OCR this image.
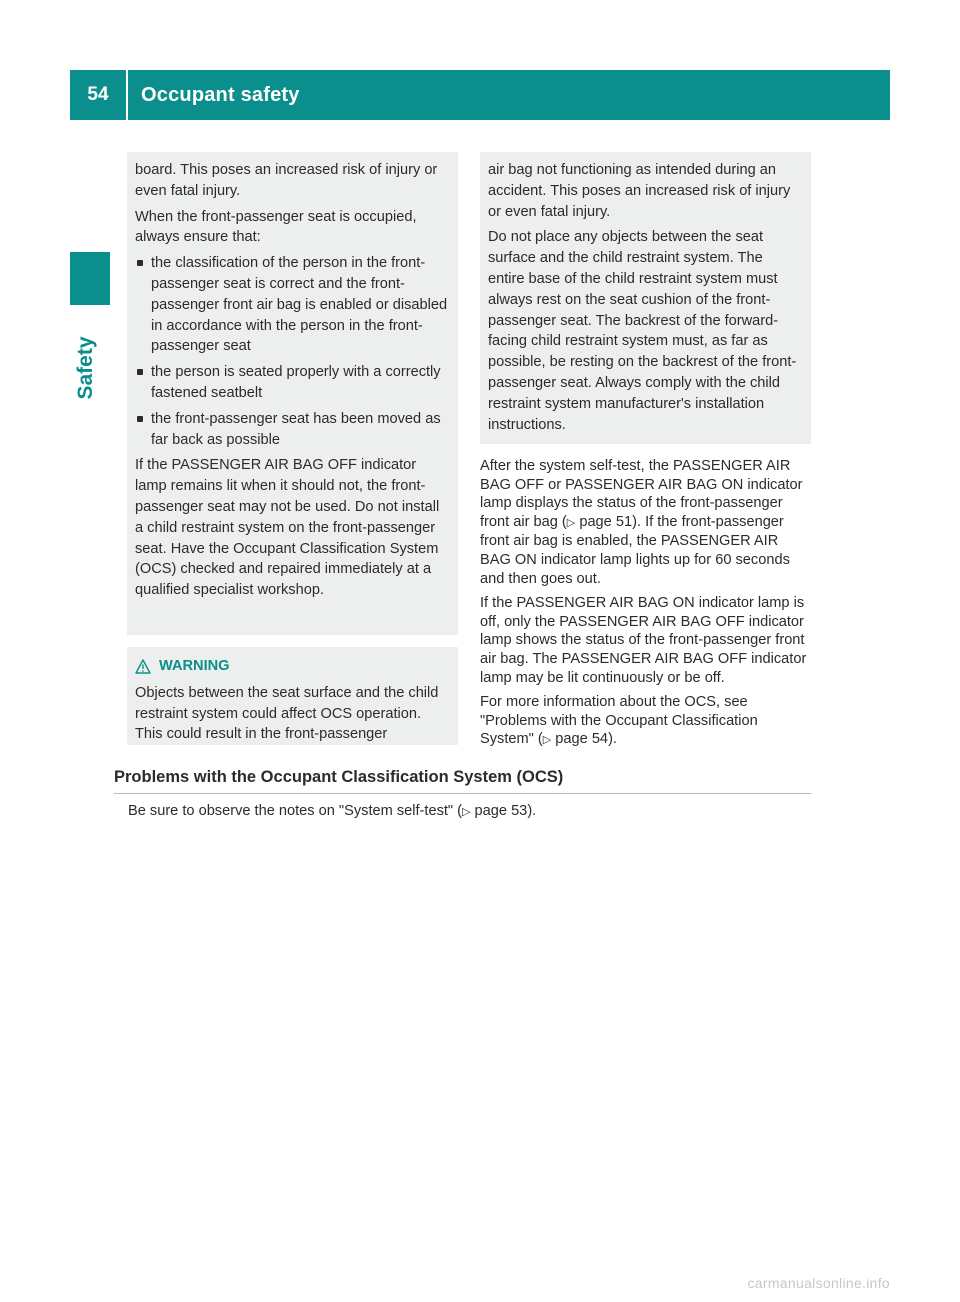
54	Occupant safety
Safety

board. This poses an increased risk of injury or even fatal injury.

When the front-passenger seat is occupied, always ensure that:

the classification of the person in the front-passenger seat is correct and the front-passenger front air bag is enabled or disabled in accordance with the person in the front-passenger seat
the person is seated properly with a correctly fastened seatbelt
the front-passenger seat has been moved as far back as possible

If the PASSENGER AIR BAG OFF indicator lamp remains lit when it should not, the front-passenger seat may not be used. Do not install a child restraint system on the front-passenger seat. Have the Occupant Classification System (OCS) checked and repaired immediately at a qualified specialist workshop.

WARNING

Objects between the seat surface and the child restraint system could affect OCS operation. This could result in the front-passenger

air bag not functioning as intended during an accident. This poses an increased risk of injury or even fatal injury.

Do not place any objects between the seat surface and the child restraint system. The entire base of the child restraint system must always rest on the seat cushion of the front-passenger seat. The backrest of the forward-facing child restraint system must, as far as possible, be resting on the backrest of the front-passenger seat. Always comply with the child restraint system manufacturer's installation instructions.

After the system self-test, the PASSENGER AIR BAG OFF or PASSENGER AIR BAG ON indicator lamp displays the status of the front-passenger front air bag (▷ page 51). If the front-passenger front air bag is enabled, the PASSENGER AIR BAG ON indicator lamp lights up for 60 seconds and then goes out.

If the PASSENGER AIR BAG ON indicator lamp is off, only the PASSENGER AIR BAG OFF indicator lamp shows the status of the front-passenger front air bag. The PASSENGER AIR BAG OFF indicator lamp may be lit continuously or be off.

For more information about the OCS, see "Problems with the Occupant Classification System" (▷ page 54).

Problems with the Occupant Classification System (OCS)
Be sure to observe the notes on "System self-test" (▷ page 53).
carmanualsonline.info
